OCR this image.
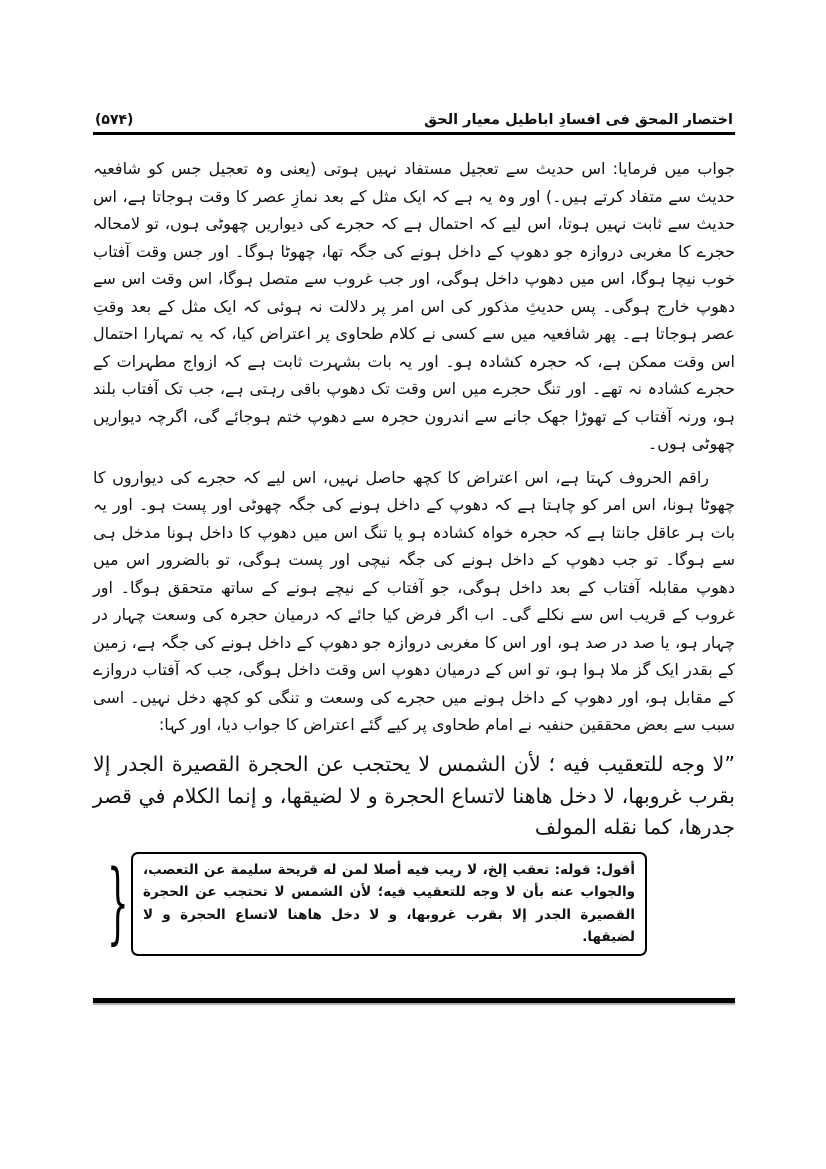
اختصار المحق فی افسادِ اباطیل معیار الحق
(۵۷۴)

جواب میں فرمایا: اس حدیث سے تعجیل مستفاد نہیں ہوتی (یعنی وہ تعجیل جس کو شافعیہ حدیث سے متفاد کرتے ہیں۔) اور وہ یہ ہے کہ ایک مثل کے بعد نمازِ عصر کا وقت ہوجاتا ہے، اس حدیث سے ثابت نہیں ہوتا، اس لیے کہ احتمال ہے کہ حجرے کی دیواریں چھوٹی ہوں، تو لامحالہ حجرے کا مغربی دروازہ جو دھوپ کے داخل ہونے کی جگہ تھا، چھوٹا ہوگا۔ اور جس وقت آفتاب خوب نیچا ہوگا، اس میں دھوپ داخل ہوگی، اور جب غروب سے متصل ہوگا، اس وقت اس سے دھوپ خارج ہوگی۔ پس حدیثِ مذکور کی اس امر پر دلالت نہ ہوئی کہ ایک مثل کے بعد وقتِ عصر ہوجاتا ہے۔ پھر شافعیہ میں سے کسی نے کلام طحاوی پر اعتراض کیا، کہ یہ تمہارا احتمال اس وقت ممکن ہے، کہ حجرہ کشادہ ہو۔ اور یہ بات بشہرت ثابت ہے کہ ازواج مطہرات کے حجرے کشادہ نہ تھے۔ اور تنگ حجرے میں اس وقت تک دھوپ باقی رہتی ہے، جب تک آفتاب بلند ہو، ورنہ آفتاب کے تھوڑا جھک جانے سے اندرون حجرہ سے دھوپ ختم ہوجائے گی، اگرچہ دیواریں چھوٹی ہوں۔

راقم الحروف کہتا ہے، اس اعتراض کا کچھ حاصل نہیں، اس لیے کہ حجرے کی دیواروں کا چھوٹا ہونا، اس امر کو چاہتا ہے کہ دھوپ کے داخل ہونے کی جگہ چھوٹی اور پست ہو۔ اور یہ بات ہر عاقل جانتا ہے کہ حجرہ خواہ کشادہ ہو یا تنگ اس میں دھوپ کا داخل ہونا مدخل ہی سے ہوگا۔ تو جب دھوپ کے داخل ہونے کی جگہ نیچی اور پست ہوگی، تو بالضرور اس میں دھوپ مقابلہ آفتاب کے بعد داخل ہوگی، جو آفتاب کے نیچے ہونے کے ساتھ متحقق ہوگا۔ اور غروب کے قریب اس سے نکلے گی۔ اب اگر فرض کیا جائے کہ درمیان حجرہ کی وسعت چہار در چہار ہو، یا صد در صد ہو، اور اس کا مغربی دروازہ جو دھوپ کے داخل ہونے کی جگہ ہے، زمین کے بقدر ایک گز ملا ہوا ہو، تو اس کے درمیان دھوپ اس وقت داخل ہوگی، جب کہ آفتاب دروازے کے مقابل ہو، اور دھوپ کے داخل ہونے میں حجرے کی وسعت و تنگی کو کچھ دخل نہیں۔ اسی سبب سے بعض محققین حنفیہ نے امام طحاوی پر کیے گئے اعتراض کا جواب دیا، اور کہا:

”لا وجه للتعقيب فيه ؛ لأن الشمس لا يحتجب عن الحجرة القصيرة الجدر إلا بقرب غروبها، لا دخل هاهنا لاتساع الحجرة و لا لضيقها، و إنما الكلام في قصر جدرها، كما نقله المولف

{ أقول: قوله: تعقب إلخ، لا ريب فيه أصلا لمن له قريحة سليمة عن التعصب، والجواب عنه بأن لا وجه للتعقيب فيه؛ لأن الشمس لا تحتجب عن الحجرة القصيرة الجدر إلا بقرب غروبها، و لا دخل هاهنا لاتساع الحجرة و لا لضيقها.
